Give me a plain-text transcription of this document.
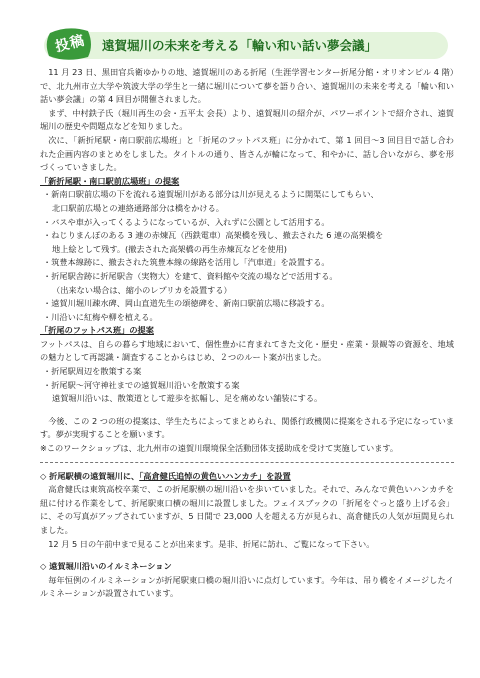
投稿	遠賀堀川の未来を考える「輪い和い話い夢会議」

11 月 23 日、黒田官兵衛ゆかりの地、遠賀堀川のある折尾（生涯学習センター折尾分館・オリオンピル 4 階）で、北九州市立大学や筑波大学の学生と一緒に堀川について夢を語り合い、遠賀堀川の未来を考える「輪い和い話い夢会議」の第 4 回目が開催されました。

まず、中村鉄子氏（堀川再生の会・五平太 会長）より、遠賀堀川の紹介が、パワーポイントで紹介され、遠賀堀川の歴史や問題点などを知りました。

次に、「新折尾駅・南口駅前広場班」と「折尾のフットパス班」に分かれて、第 1 回目〜3 回目目で話し合われた企画内容のまとめをしました。タイトルの通り、皆さんが輪になって、和やかに、話し合いながら、夢を形づくっていきました。

「新折尾駅・南口駅前広場班」の提案

・新南口駅前広場の下を流れる遠賀堀川がある部分は川が見えるように開渠にしてもらい、
北口駅前広場との連絡通路部分は橋をかける。
・バスや車が入ってくるようになっているが、入れずに公園として活用する。
・ねじりまんぽのある 3 連の赤煉瓦（西鉄電車）高架橋を残し、撤去された 6 連の高架橋を
地上絵として残す。(撤去された高架橋の再生赤煉瓦などを使用)
・筑豊本線跡に、撤去された筑豊本線の線路を活用し「汽車道」を設置する。
・折尾駅舎跡に折尾駅舎（実物大）を建て、資料館や交流の場などで活用する。
（出来ない場合は、縮小のレプリカを設置する）
・遠賀川堀川疎水碑、岡山直道先生の頌徳碑を、新南口駅前広場に移設する。
・川沿いに紅梅や柳を植える。

「折尾のフットパス班」の提案

フットパスは、自らの暮らす地域において、個性豊かに育まれてきた文化・歴史・産業・景観等の資源を、地域の魅力として再認識・調査することからはじめ、２つのルート案が出ました。

・折尾駅周辺を散策する案
・折尾駅〜河守神社までの遠賀堀川沿いを散策する案
遠賀堀川沿いは、散策道として遊歩を拡幅し、足を痛めない舗装にする。

今後、この 2 つの班の提案は、学生たちによってまとめられ、関係行政機関に提案をされる予定になっています。夢が実現することを願います。

※このワークショップは、北九州市の遠賀川環境保全活動団体支援助成を受けて実施しています。

◇ 折尾駅横の遠賀堀川に、「高倉健氏追悼の黄色いハンカチ」を設置

高倉健氏は東筑高校卒業で、この折尾駅横の堀川沿いを歩いていました。それで、みんなで黄色いハンカチを紐に付ける作業をして、折尾駅東口横の堀川に設置しました。フェイスブックの「折尾をぐっと盛り上げる会」に、その写真がアップされていますが、5 日間で 23,000 人を超える方が見られ、高倉健氏の人気が垣間見られました。

12 月 5 日の午前中まで見ることが出来ます。是非、折尾に訪れ、ご覧になって下さい。

◇ 遠賀堀川沿いのイルミネーション

毎年恒例のイルミネーションが折尾駅東口橋の堀川沿いに点灯しています。今年は、吊り橋をイメージしたイルミネーションが設置されています。
